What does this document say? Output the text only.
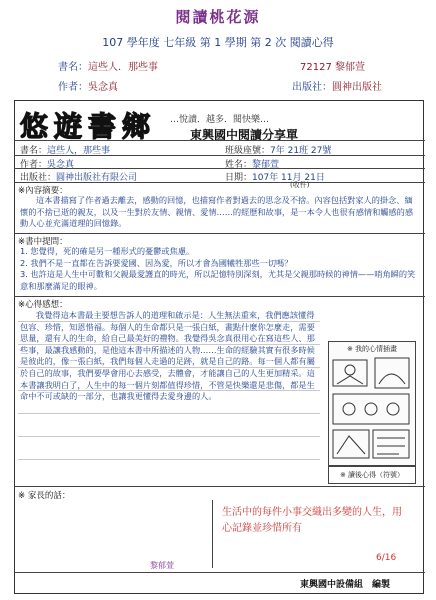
閱讀桃花源
107 學年度 七年級 第 1 學期 第 2 次 閱讀心得
書名：這些人．那些事	72127 黎郁萱
作者：吳念真	出版社：圓神出版社
悠遊書鄉 …悅讀．越多．閱快樂…
東興國中閱讀分享單
書名：這些人，那些事	班級座號：7年 21班 27號
作者：吳念真	姓名：黎郁萱
出版社：圓神出版社有限公司	日期：107年 11月 21日
(收件)
※內容摘要：
這本書描寫了作者過去離去，感動的回憶，也描寫作者對過去的思念及不捨。內容包括對家人的掛念、緬懷的不捨已逝的親友，以及一生對於友情、親情、愛情……的經歷和故事，是一本令人也很有感情和觸感的感動人心並充滿道理的回憶錄。
※書中提問：
1. 您覺得，死的確是另一種形式的憂鬱或焦慮。
2. 我們不是一直都在告訴要愛國、因為愛，所以才會為國犧牲那些一切嗎？
3. 也許這是人生中可數和父親最愛護直的時光，所以記憶特別深刻，尤其是父親那時候的神情——哨角瞬的笑意和那麼滿足的眼神。
※心得感想：
我覺得這本書最主要想告訴人的道理和啟示是：人生無法重來，我們應該懂得包容、珍惜，知恩惜福。每個人的生命都只是一張白紙，畫點什麼你怎麼走，需要思量，還有人的生命，給自己最美好的禮物。我覺得吳念真很用心在寫這些人、那些事，最讓我感動的，是他這本書中所描述的人物……生命的經驗其實有很多時候是彼此的，像一張白紙，我們每個人走過的足跡，就是自己的路。每一個人都有屬於自己的故事，我們要學會用心去感受，去體會，才能讓自己的人生更加精采。這本書讓我明白了，人生中的每一個片刻都值得珍惜，不管是快樂還是悲傷，都是生命中不可或缺的一部分，也讓我更懂得去愛身邊的人。
※ 我的心情插畫
※ 讀後心得（符號）
※ 家長的話：
生活中的每件小事交織出多變的人生，用心記錄並珍惜所有
6/16
黎郁萱
東興國中設備組　編製
